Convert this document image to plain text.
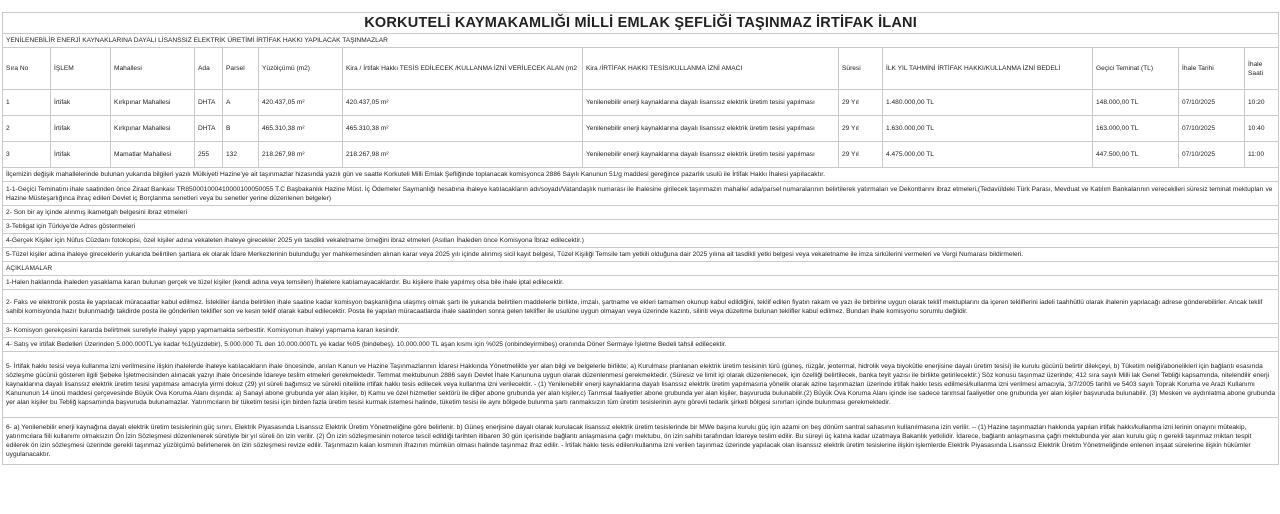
KORKUTELİ KAYMAKAMLIĞI MİLLİ EMLAK ŞEFLİĞİ TAŞINMAZ İRTİFAK İLANI												
YENİLENEBİLİR ENERJİ KAYNAKLARINA DAYALI LİSANSSIZ ELEKTRİK ÜRETİMİ İRTİFAK HAKKI YAPILACAK TAŞINMAZLAR												
Sıra No	İŞLEM	Mahallesi	Ada	Parsel	Yüzölçümü (m2)	Kira / İrtifak Hakkı TESİS EDİLECEK /KULLANMA İZNİ VERİLECEK ALAN (m2	Kira /İRTİFAK HAKKI TESİS/KULLANMA İZNİ AMACI	Süresi	İLK YIL TAHMİNİ İRTİFAK HAKKI/KULLANMA İZNİ BEDELİ	Geçici Teminat (TL)	İhale Tarihi	İhale Saati
1	İrtifak	Kırkpınar Mahallesi	DHTA	A	420.437,05 m²	420.437,05 m²	Yenilenebilir enerji kaynaklarına dayalı lisanssız elektrik üretim tesisi yapılması	29 Yıl	1.480.000,00 TL	148.000,00 TL	07/10/2025	10:20
2	İrtifak	Kırkpınar Mahallesi	DHTA	B	465.310,38 m²	465.310,38 m²	Yenilenebilir enerji kaynaklarına dayalı lisanssız elektrik üretim tesisi yapılması	29 Yıl	1.630.000,00 TL	163.000,00 TL	07/10/2025	10:40
3	İrtifak	Mamatlar Mahallesi	255	132	218.267,98 m²	218.267,98 m²	Yenilenebilir enerji kaynaklarına dayalı lisanssız elektrik üretim tesisi yapılması	29 Yıl	4.475.000,00 TL	447.500,00 TL	07/10/2025	11:00
İlçemizin değişik mahallelerinde bulunan yukarıda bilgileri yazılı Mülkiyeti Hazine'ye ait taşınmazlar hizasında yazılı gün ve saatte Korkuteli Milli Emlak Şefliğinde toplanacak komisyonca 2886 Sayılı Kanunun 51/g maddesi gereğince pazarlık usulü ile İrtifak Hakkı İhalesi yapılacaktır.												
1-1-Geçici Teminatını ihale saatinden önce Ziraat Bankası TR850001000410000100050055 T.C Başbakanlık Hazine Müst. İç Ödemeler Saymanlığı hesabına ihaleye katılacakların adı/soyadı/Vatandaşlık numarası ile ihalesine girilecek taşınmazın mahalle/ ada/parsel numaralarının belirtilerek yatırmaları ve Dekontlarını ibraz etmeleri,(Tedavüldeki Türk Parası, Mevduat ve Katılım Bankalarının vereceklleri süresiz teminat mektupları ve Hazine Müsteşarlığınca ihraç edilen Devlet iç Borçlanma senetleri veya bu senetler yerine düzenlenen belgeler)												
2- Son bir ay içinde alınmış ikametgah belgesini ibraz etmeleri												
3-Tebligat için Türkiye'de Adres göstermeleri												
4-Gerçek Kişiler için Nüfus Cüzdanı fotokopisi, özel kişiler adına vekaleten ihaleye girecekler 2025 yılı tasdikli vekaletname örneğini ibraz etmeleri (Asılları İhaleden önce Komisyona İbraz edilecektir.)												
5-Tüzel kişiler adına ihaleye gireceklerin yukarıda belirtilen şartlara ek olarak İdare Merkezlerinin bulunduğu yer mahkemesinden alınan karar veya 2025 yılı içinde alınmış sicil kayıt belgesi, Tüzel Kişiliği Temsile tam yetkili olduğuna dair 2025 yılına ait tasdikli yetki belgesi veya vekaletname ile imza sirkülerini vermeleri ve Vergi Numarası bildirmeleri.												
AÇIKLAMALAR												
1-Halen haklarında ihaleden yasaklama kararı bulunan gerçek ve tüzel kişiler (kendi adına veya temsilen) İhalelere katılamayacaklardır. Bu kişilere ihale yapılmış olsa bile ihale iptal edilecektir.												
2- Faks ve elektronik posta ile yapılacak müracaatlar kabul edilmez. İstekliler ilanda belirtilen ihale saatine kadar komisyon başkanlığına ulaşmış olmak şartı ile yukarıda belirtilen maddelerle birlikte, imzalı, şartname ve ekleri tamamen okunup kabul edildiğini, teklif edilen fiyatın rakam ve yazı ile birbirine uygun olarak teklif mektuplarını da içeren tekliflerini iadeli taahhütlü olarak ihalenin yapılacağı adrese gönderebilirler. Ancak teklif sahibi komisyonda hazır bulunmadığı takdirde posta ile gönderilen teklifler son ve kesin teklif olarak kabul edilecektir. Posta ile yapılan müracaatlarda ihale saatinden sonra gelen teklifler ile usulüne uygun olmayan veya üzerinde kazıntı, silinti veya düzeltme bulunan teklifler kabul edilmez. Bundan ihale komisyonu sorumlu değildir.												
3- Komisyon gerekçesini kararda belirtmek suretiyle ihaleyi yapıp yapmamakta serbesttir. Komisyonun ihaleyi yapmama kararı kesindir.												
4- Satış ve irtifak Bedelleri Üzerinden 5.000.000TL'ye kadar %1(yüzdebir), 5.000.000 TL den 10.000.000TL ye kadar %05 (bindebeş). 10.000.000 TL aşan kısmı için %025 (onbindeyirmibeş) oranında Döner Sermaye İşletme Bedeli tahsil edilecektir.												
5- İrtifak hakkı tesisi veya kullanma izni verilmesine ilişkin ihalelerde ihaleye katılacakların ihale öncesinde, anılan Kanun ve Hazine Taşınmazlarının İdaresi Hakkında Yönetmelikte yer alan bilgi ve belgelerle birlikte; a) Kurulması planlanan elektrik üretim tesisinin türü (güneş, rüzgâr, jeotermal, hidrolik veya biyokütle enerjisine dayalı üretim tesisi) ile kurulu gücünü belirtir dilekçeyi, b) Tüketim neliği/abonelikleri için bağlantı esasında sözleşme gücünü gösteren ilgili Şebeke İşletmecisinden alınacak yazıyı ihale öncesinde İdareye teslim etmeleri gerekmektedir. Temmat mektubunun 2886 sayılı Devlet İhale Kanununa uygun olarak düzenlenmesi gerekmektedir. (Süresiz ve limit içi olarak düzenlenecek, için özelliği belirtilecek, banka teyit yazısı ile birlikte getirilecektir.) Söz konusu taşınmaz üzerinde; 412 sıra sayılı Milli lak Genel Tebliği kapsamında, nitelendilir enerji kaynaklarına dayalı lisanssız elektrik üretim tesisi yapılması amacıyla yirmi dokuz (29) yıl süreli bağımsız ve sürekli nitelikte irtifak hakkı tesis edilecek veya kullanma izni verilecektir. - (1) Yenilenebilir enerji kaynaklarına dayalı lisanssız elektrik üretim yapılmasına yönelik olarak azine taşınmazları üzerinde irtifak hakkı tesis edilmesi/kullanma izni verilmesi amacıyla, 3/7/2005 tarihli ve 5403 sayılı Toprak Koruma ve Arazi Kullanımı Kanununun 14 ünoü maddesi çerçevesinde Büyük Ova Koruma Alanı dışında: a) Sanayi abone grubunda yer alan kişiler, b) Kamu ve özel hizmetler sektörü ile diğer abone grubunda yer alan kişiler,c) Tarımsal faaliyetler abone grubunda yer alan kişiler, başvuruda bulunabilir.(2) Büyük Ova Koruma Alanı içinde ise sadece tarımsal faaliyetler one grubunda yer alan kişiler başvuruda bulunabilir. (3) Mesken ve aydınlatma abone grubunda yer alan kişiler bu Tebliğ kapsamında başvuruda bulunamazlar. Yatırımcıların bir tüketim tesisi için birden fazla üretim tesisi kurmak istemesi halinde, tüketim tesisi ile aynı bölgede bulunma şartı ranmaksızın tüm üretim tesislerinin aynı görevli tedarik şirketi bölgesi sınırları içinde bulunması gerekmektedir.												
6- a) Yenilenebilir enerji kaynağına dayalı elektrik üretim tesislerinin güç sınırı, Elektrik Piyasasında Lisanssız Elektrik Üretim Yönetmeliğine göre belirlenir. b) Güneş enerjisine dayalı olarak kurulacak lisanssız elektrik üretim tesislerinde bir MWe başına kurulu güç için azami on beş dönüm santral sahasının kullanılmasına izin verilir. -- (1) Hazine taşınmazları hakkında yapılan irtifak hakkı/kullanma izni lerinin onayını müteakip, yatırımcılara fiili kullanımı olmaksızın Ön İzin Sözleşmesi düzenlenerek süretiyle bir yıl süreli ön izin verilir. (2) Ön izin sözleşmesinin noterce tescil edildiği tarihten itibaren 30 gün içerisinde bağlantı anlaşmasına çağrı mektubu, ön izin sahibi tarafından İdareye teslim edilir. Bu süreyi üç katına kadar uzatmaya Bakanlık yetkilidir. İdarece, bağlantı anlaşmasına çağrı mektubunda yer alan kurulu güç n gerekli taşınmaz miktarı tespit edilerek ön izin sözleşmesi üzerinde gerekli taşınmaz yüzölçümü belirlenerek ön izin sözleşmesi revize edilir. Taşınmazın kalan kısmının ifrazının mümkün olması halinde taşınmaz ifraz edilir. - İrtifak hakkı tesis edilen/kullanma izni verilen taşınmaz üzerinde yapılacak olan lisanssız elektrik üretim tesislerine ilişkin işlemlerde Elektrik Piyasasında Lisanssız Elektrik Üretim Yönetmeliğinde enlenen inşaat sürelerine ilişkin hükümler uygulanacaktır.												
